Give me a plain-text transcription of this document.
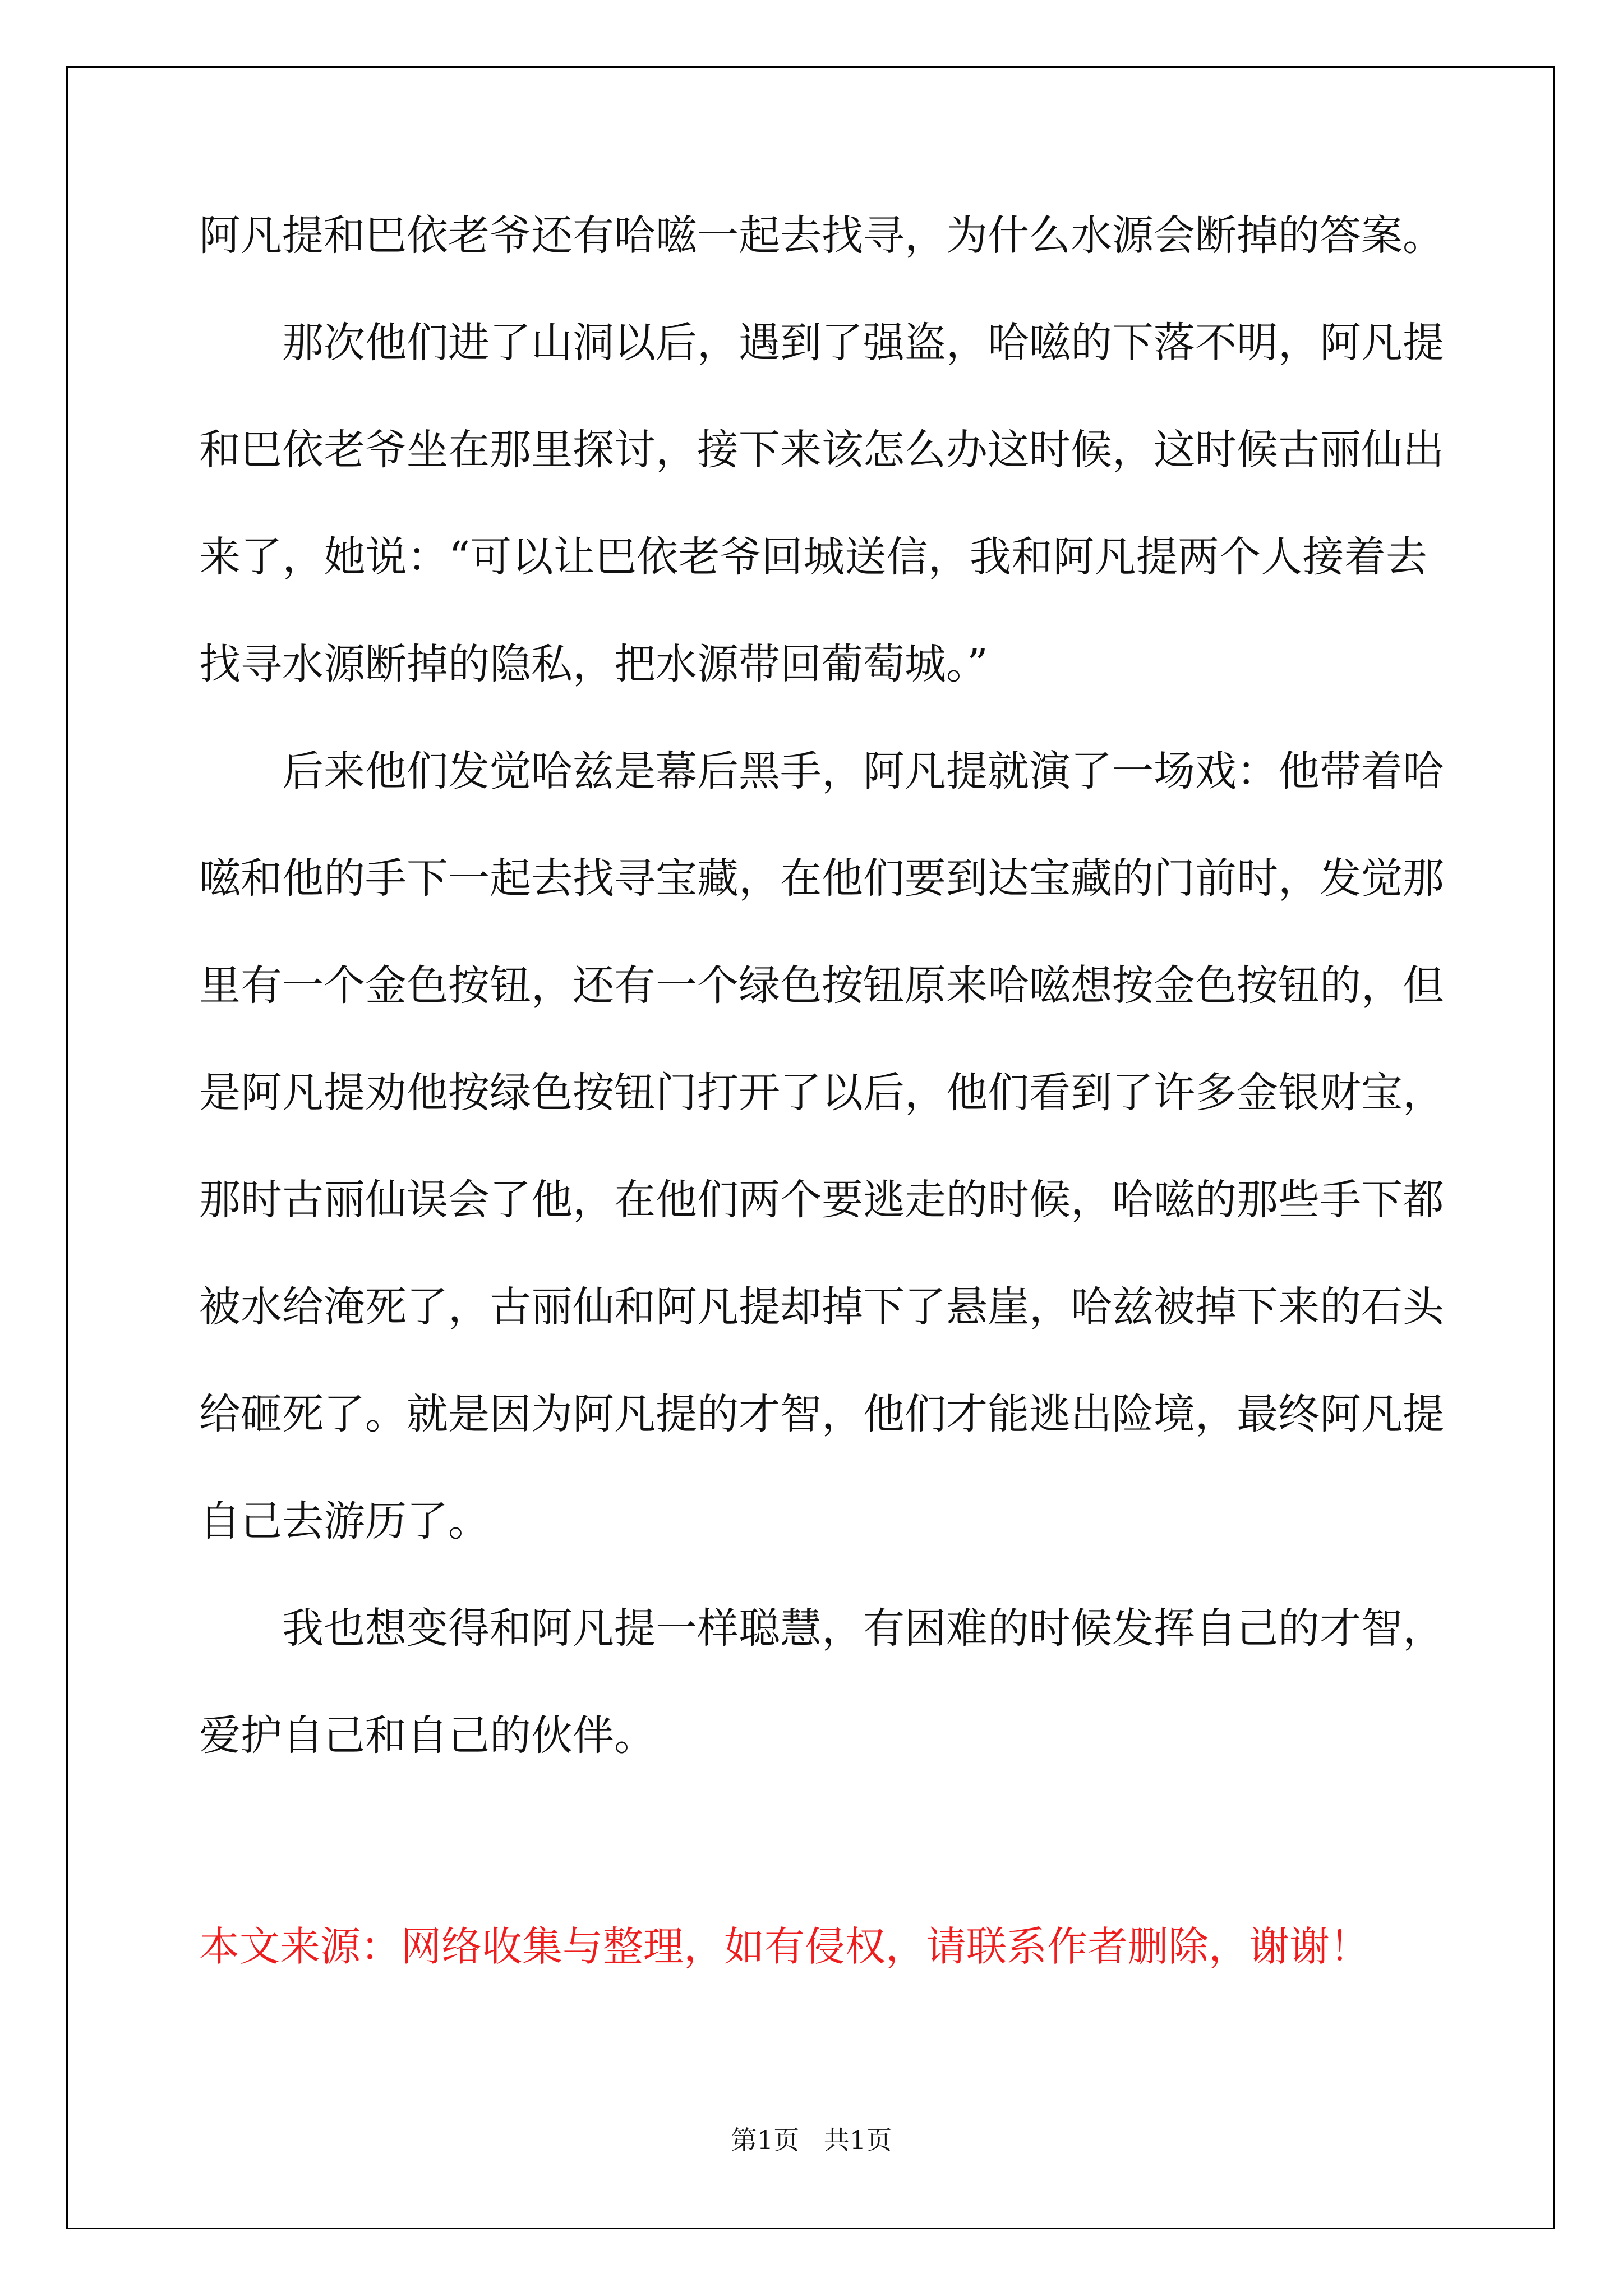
阿凡提和巴依老爷还有哈嗞一起去找寻，为什么水源会断掉的答案。
那次他们进了山洞以后，遇到了强盗，哈嗞的下落不明，阿凡提
和巴依老爷坐在那里探讨，接下来该怎么办这时候，这时候古丽仙出
来了，她说：“可以让巴依老爷回城送信，我和阿凡提两个人接着去
找寻水源断掉的隐私，把水源带回葡萄城。”
后来他们发觉哈兹是幕后黑手，阿凡提就演了一场戏：他带着哈
嗞和他的手下一起去找寻宝藏，在他们要到达宝藏的门前时，发觉那
里有一个金色按钮，还有一个绿色按钮原来哈嗞想按金色按钮的，但
是阿凡提劝他按绿色按钮门打开了以后，他们看到了许多金银财宝，
那时古丽仙误会了他，在他们两个要逃走的时候，哈嗞的那些手下都
被水给淹死了，古丽仙和阿凡提却掉下了悬崖，哈兹被掉下来的石头
给砸死了。就是因为阿凡提的才智，他们才能逃出险境，最终阿凡提
自己去游历了。
我也想变得和阿凡提一样聪慧，有困难的时候发挥自己的才智，
爱护自己和自己的伙伴。
本文来源：网络收集与整理，如有侵权，请联系作者删除，谢谢！
第1页   共1页
